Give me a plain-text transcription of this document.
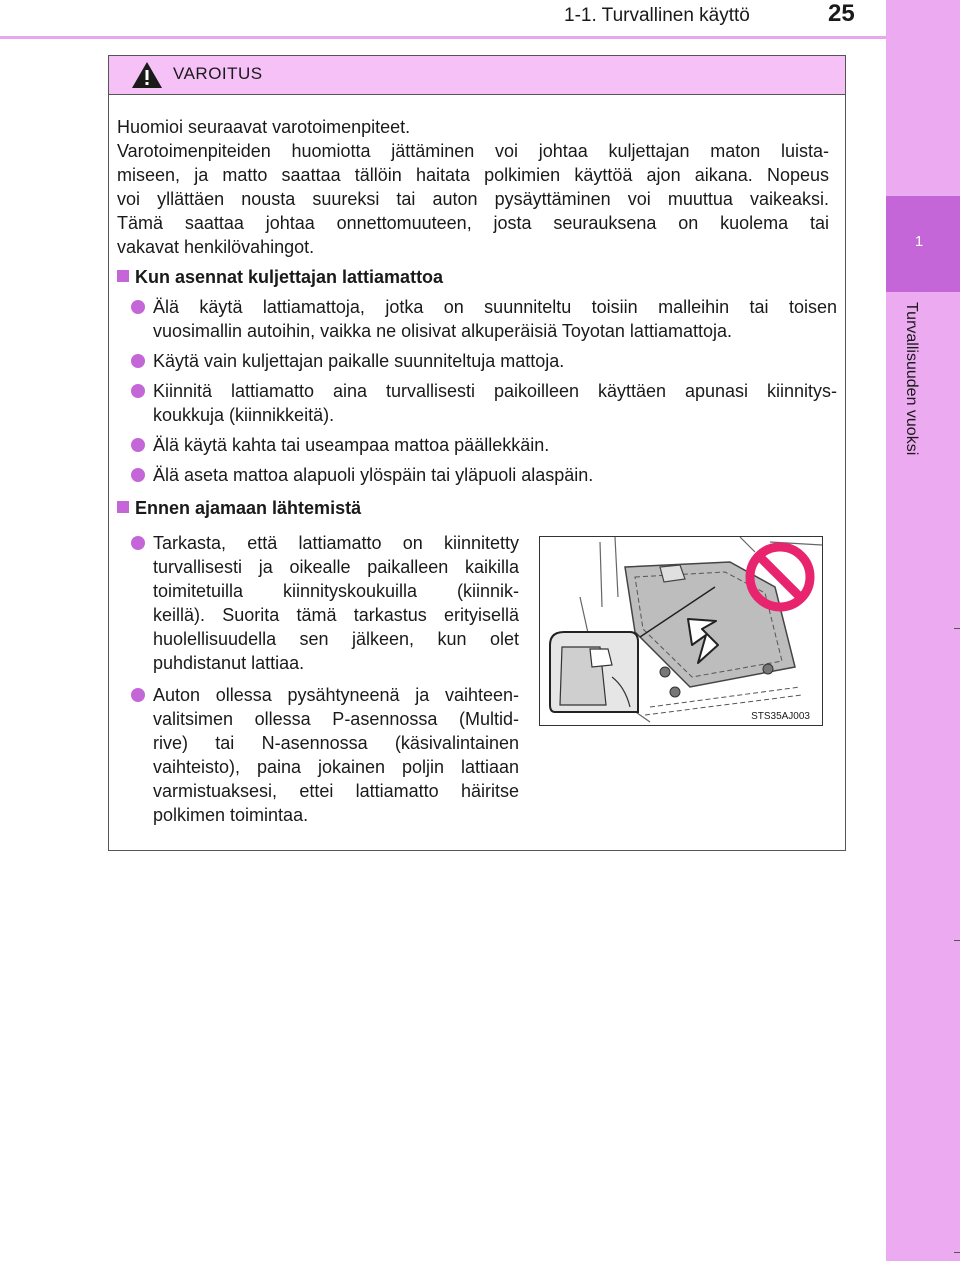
1-1. Turvallinen käyttö	25
1
Turvallisuuden vuoksi
VAROITUS
Huomioi seuraavat varotoimenpiteet.
Varotoimenpiteiden huomiotta jättäminen voi johtaa kuljettajan maton luista-
miseen, ja matto saattaa tällöin haitata polkimien käyttöä ajon aikana. Nopeus
voi yllättäen nousta suureksi tai auton pysäyttäminen voi muuttua vaikeaksi.
Tämä saattaa johtaa onnettomuuteen, josta seurauksena on kuolema tai
vakavat henkilövahingot.
Kun asennat kuljettajan lattiamattoa
Älä käytä lattiamattoja, jotka on suunniteltu toisiin malleihin tai toisen
vuosimallin autoihin, vaikka ne olisivat alkuperäisiä Toyotan lattiamattoja.
Käytä vain kuljettajan paikalle suunniteltuja mattoja.
Kiinnitä lattiamatto aina turvallisesti paikoilleen käyttäen apunasi kiinnitys-
koukkuja (kiinnikkeitä).
Älä käytä kahta tai useampaa mattoa päällekkäin.
Älä aseta mattoa alapuoli ylöspäin tai yläpuoli alaspäin.
Ennen ajamaan lähtemistä
Tarkasta, että lattiamatto on kiinnitetty
turvallisesti ja oikealle paikalleen kaikilla
toimitetuilla kiinnityskoukuilla (kiinnik-
keillä). Suorita tämä tarkastus erityisellä
huolellisuudella sen jälkeen, kun olet
puhdistanut lattiaa.
Auton ollessa pysähtyneenä ja vaihteen-
valitsimen ollessa P-asennossa (Multid-
rive) tai N-asennossa (käsivalintainen
vaihteisto), paina jokainen poljin lattiaan
varmistuaksesi, ettei lattiamatto häiritse
polkimen toimintaa.
STS35AJ003
